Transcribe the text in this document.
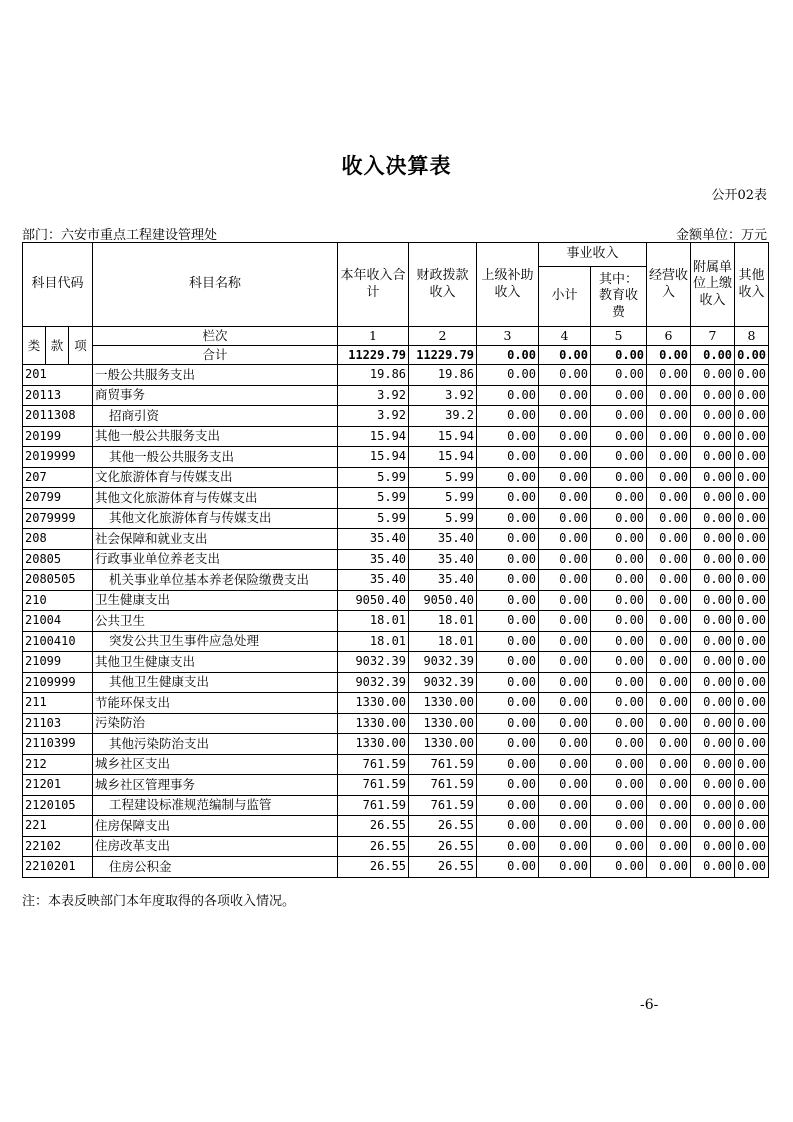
收入决算表
公开02表
部门：六安市重点工程建设管理处	金额单位：万元
科目代码			科目名称	本年收入合计	财政拨款收入	上级补助收入	事业收入		经营收入	附属单位上缴收入	其他收入
							小计	其中：教育收费			

类	款	项	栏次	1	2	3	4	5	6	7	8
			合计	11229.79	11229.79	0.00	0.00	0.00	0.00	0.00	0.00
201			一般公共服务支出	19.86	19.86	0.00	0.00	0.00	0.00	0.00	0.00
20113			商贸事务	3.92	3.92	0.00	0.00	0.00	0.00	0.00	0.00
2011308			招商引资	3.92	39.2	0.00	0.00	0.00	0.00	0.00	0.00
20199			其他一般公共服务支出	15.94	15.94	0.00	0.00	0.00	0.00	0.00	0.00
2019999			其他一般公共服务支出	15.94	15.94	0.00	0.00	0.00	0.00	0.00	0.00
207			文化旅游体育与传媒支出	5.99	5.99	0.00	0.00	0.00	0.00	0.00	0.00
20799			其他文化旅游体育与传媒支出	5.99	5.99	0.00	0.00	0.00	0.00	0.00	0.00
2079999			其他文化旅游体育与传媒支出	5.99	5.99	0.00	0.00	0.00	0.00	0.00	0.00
208			社会保障和就业支出	35.40	35.40	0.00	0.00	0.00	0.00	0.00	0.00
20805			行政事业单位养老支出	35.40	35.40	0.00	0.00	0.00	0.00	0.00	0.00
2080505			机关事业单位基本养老保险缴费支出	35.40	35.40	0.00	0.00	0.00	0.00	0.00	0.00
210			卫生健康支出	9050.40	9050.40	0.00	0.00	0.00	0.00	0.00	0.00
21004			公共卫生	18.01	18.01	0.00	0.00	0.00	0.00	0.00	0.00
2100410			突发公共卫生事件应急处理	18.01	18.01	0.00	0.00	0.00	0.00	0.00	0.00
21099			其他卫生健康支出	9032.39	9032.39	0.00	0.00	0.00	0.00	0.00	0.00
2109999			其他卫生健康支出	9032.39	9032.39	0.00	0.00	0.00	0.00	0.00	0.00
211			节能环保支出	1330.00	1330.00	0.00	0.00	0.00	0.00	0.00	0.00
21103			污染防治	1330.00	1330.00	0.00	0.00	0.00	0.00	0.00	0.00
2110399			其他污染防治支出	1330.00	1330.00	0.00	0.00	0.00	0.00	0.00	0.00
212			城乡社区支出	761.59	761.59	0.00	0.00	0.00	0.00	0.00	0.00
21201			城乡社区管理事务	761.59	761.59	0.00	0.00	0.00	0.00	0.00	0.00
2120105			工程建设标准规范编制与监管	761.59	761.59	0.00	0.00	0.00	0.00	0.00	0.00
221			住房保障支出	26.55	26.55	0.00	0.00	0.00	0.00	0.00	0.00
22102			住房改革支出	26.55	26.55	0.00	0.00	0.00	0.00	0.00	0.00
2210201			住房公积金	26.55	26.55	0.00	0.00	0.00	0.00	0.00	0.00
注：本表反映部门本年度取得的各项收入情况。
-6-
